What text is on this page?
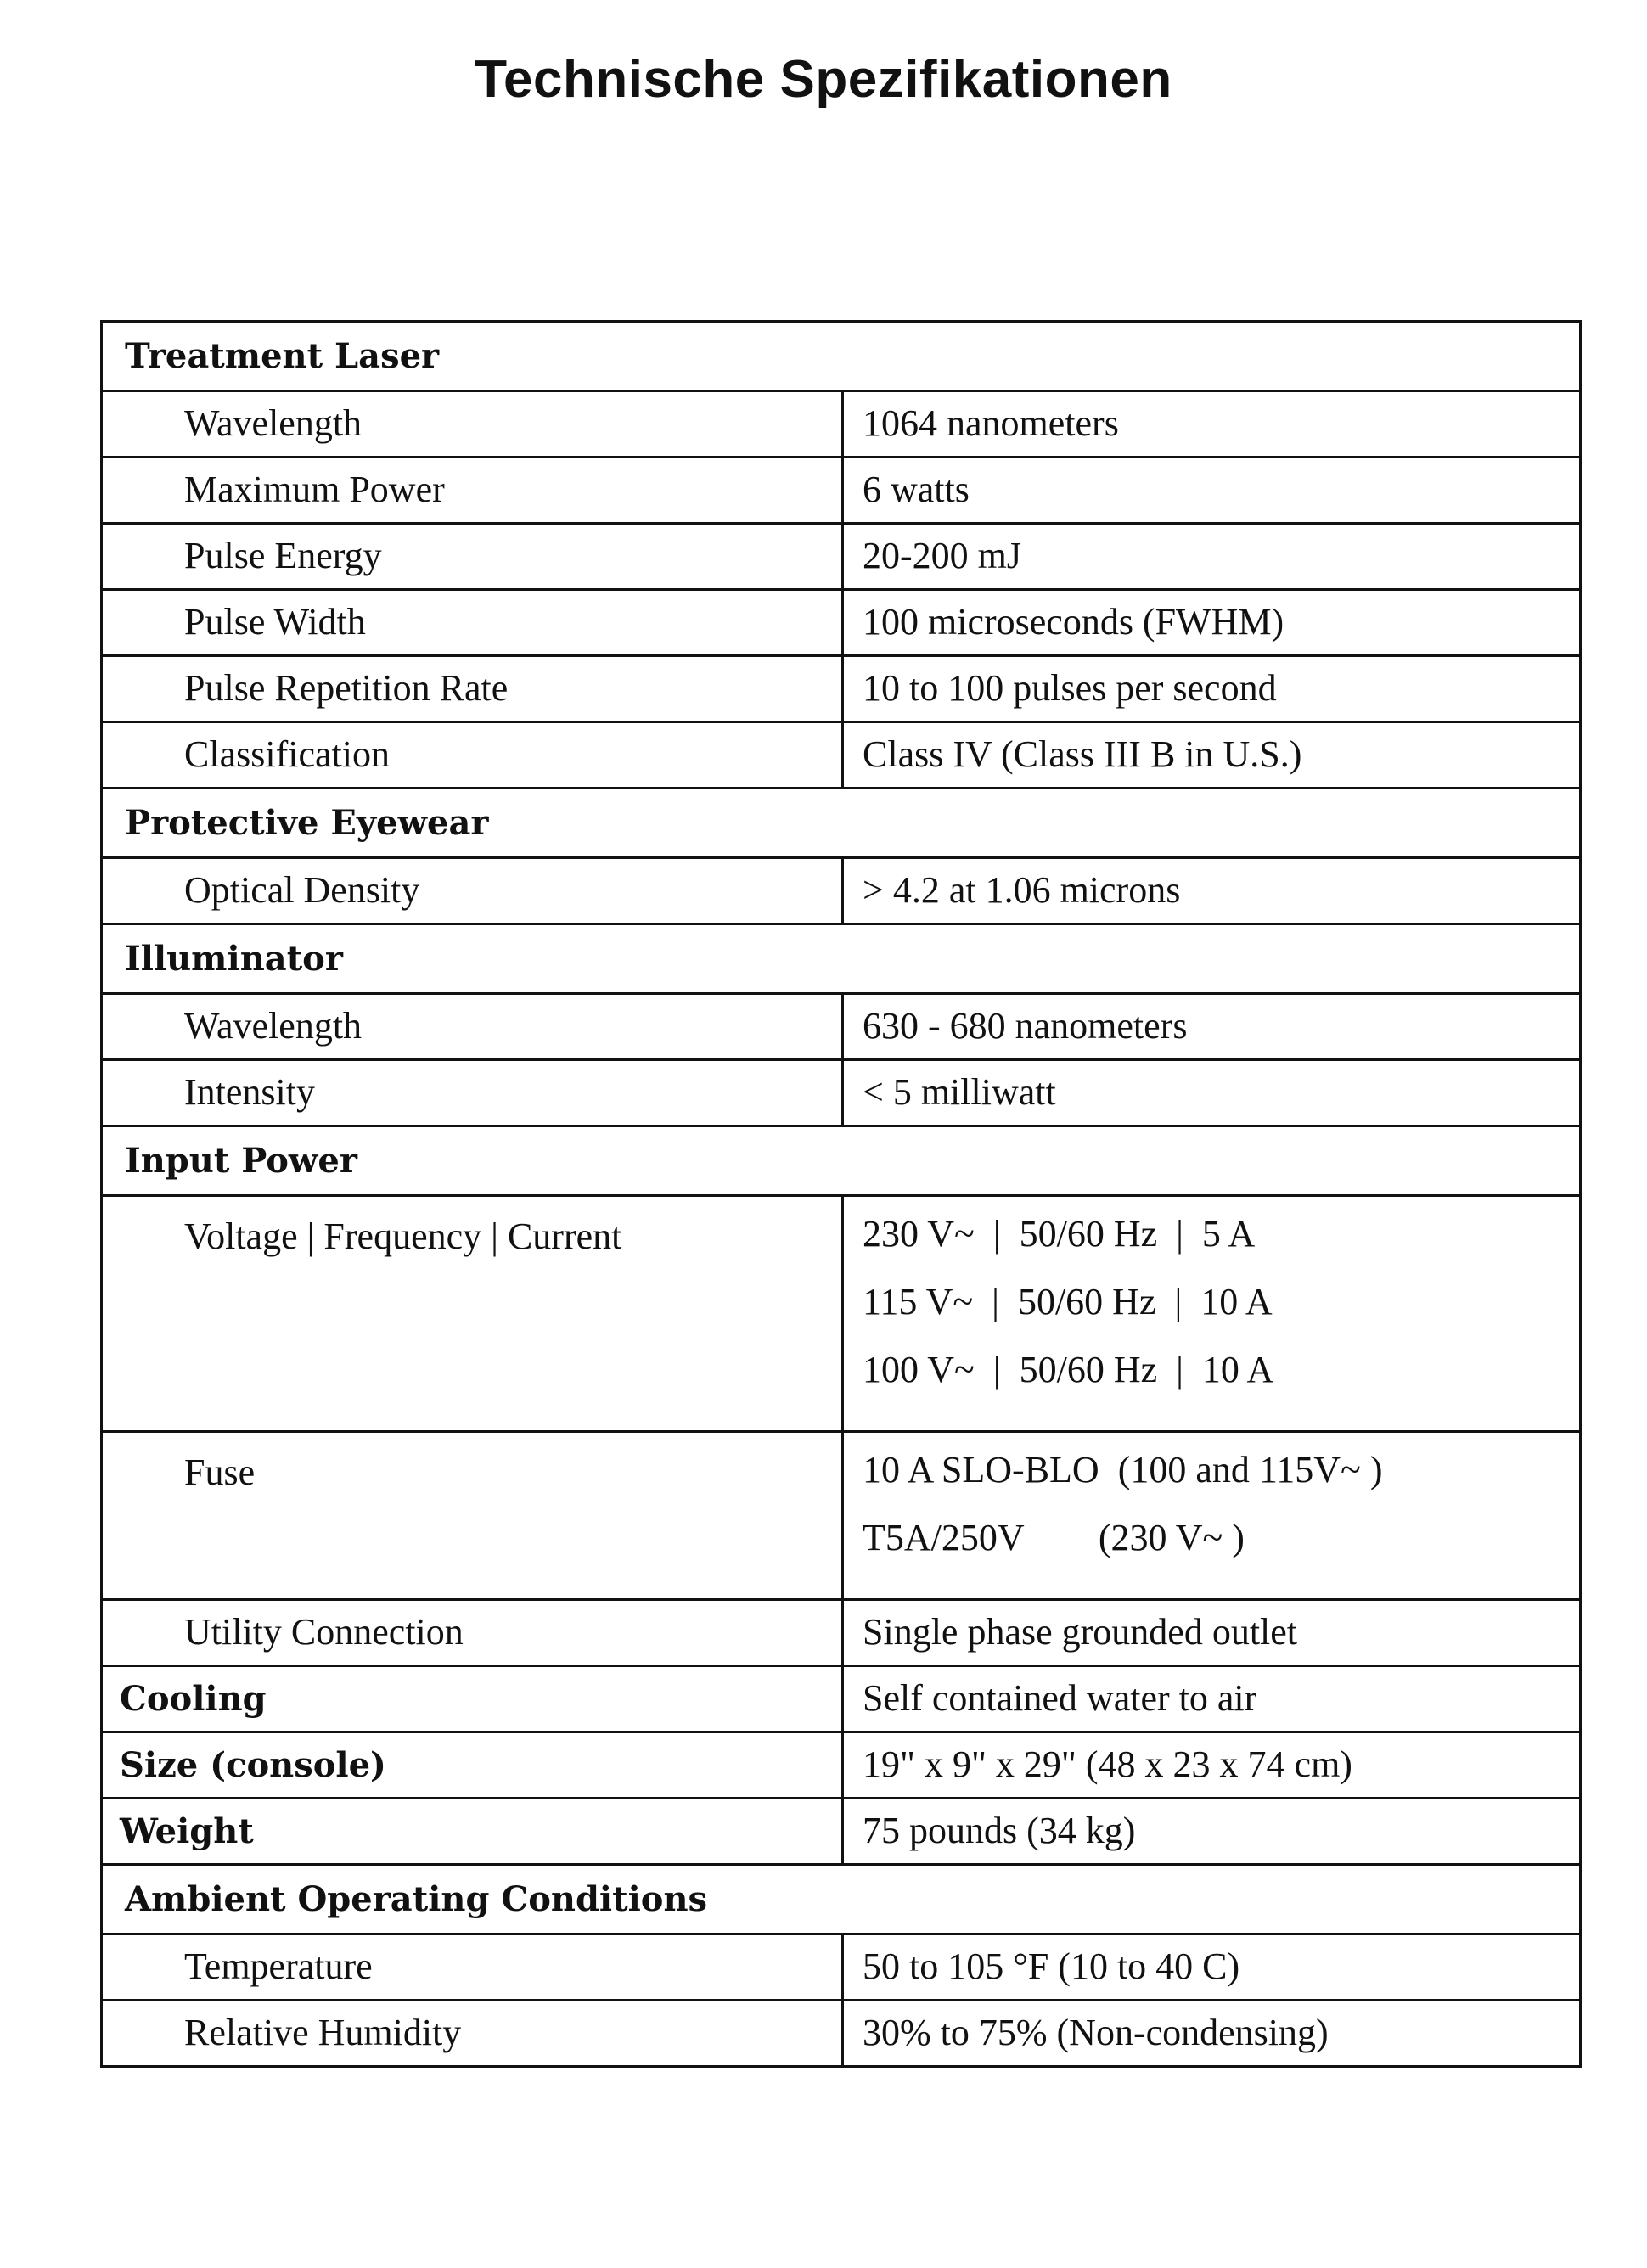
Technische Spezifikationen
Treatment Laser	
Wavelength	1064 nanometers
Maximum Power	6 watts
Pulse Energy	20-200 mJ
Pulse Width	100 microseconds (FWHM)
Pulse Repetition Rate	10 to 100 pulses per second
Classification	Class IV (Class III B in U.S.)
Protective Eyewear	
Optical Density	> 4.2 at 1.06 microns
Illuminator	
Wavelength	630 - 680 nanometers
Intensity	< 5 milliwatt
Input Power	
Voltage | Frequency | Current	230 V~  |  50/60 Hz  |  5 A
115 V~  |  50/60 Hz  |  10 A
100 V~  |  50/60 Hz  |  10 A

Fuse	10 A SLO-BLO  (100 and 115V~ )
T5A/250V        (230 V~ )

Utility Connection	Single phase grounded outlet
Cooling	Self contained water to air
Size (console)	19" x 9" x 29" (48 x 23 x 74 cm)
Weight	75 pounds (34 kg)
Ambient Operating Conditions	
Temperature	50 to 105 °F (10 to 40 C)
Relative Humidity	30% to 75% (Non-condensing)
